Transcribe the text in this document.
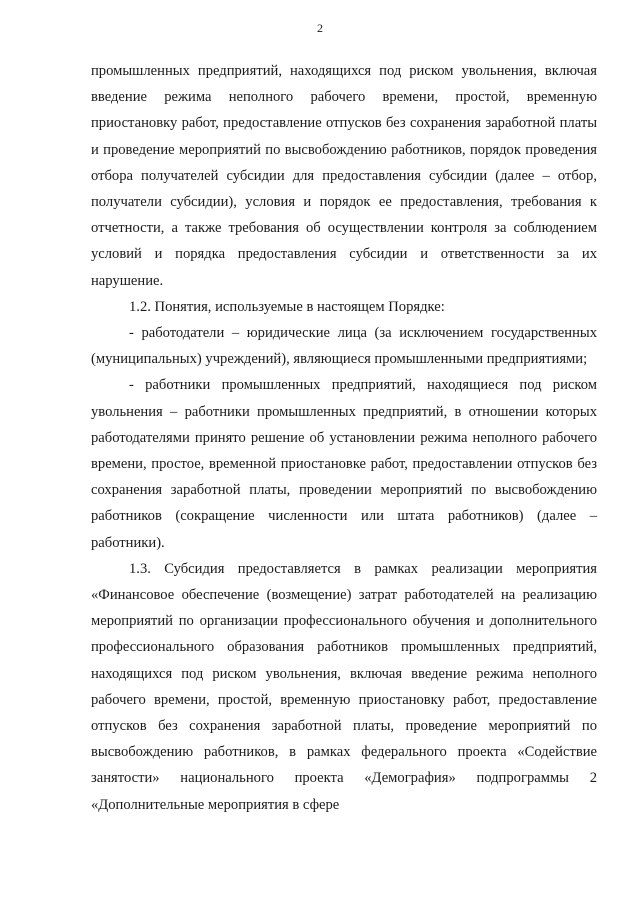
2

промышленных предприятий, находящихся под риском увольнения, включая введение режима неполного рабочего времени, простой, временную приостановку работ, предоставление отпусков без сохранения заработной платы и проведение мероприятий по высвобождению работников, порядок проведения отбора получателей субсидии для предоставления субсидии (далее – отбор, получатели субсидии), условия и порядок ее предоставления, требования к отчетности, а также требования об осуществлении контроля за соблюдением условий и порядка предоставления субсидии и ответственности за их нарушение.

1.2. Понятия, используемые в настоящем Порядке:

- работодатели – юридические лица (за исключением государственных (муниципальных) учреждений), являющиеся промышленными предприятиями;

- работники промышленных предприятий, находящиеся под риском увольнения – работники промышленных предприятий, в отношении которых работодателями принято решение об установлении режима неполного рабочего времени, простое, временной приостановке работ, предоставлении отпусков без сохранения заработной платы, проведении мероприятий по высвобождению работников (сокращение численности или штата работников) (далее – работники).

1.3. Субсидия предоставляется в рамках реализации мероприятия «Финансовое обеспечение (возмещение) затрат работодателей на реализацию мероприятий по организации профессионального обучения и дополнительного профессионального образования работников промышленных предприятий, находящихся под риском увольнения, включая введение режима неполного рабочего времени, простой, временную приостановку работ, предоставление отпусков без сохранения заработной платы, проведение мероприятий по высвобождению работников, в рамках федерального проекта «Содействие занятости» национального проекта «Демография» подпрограммы 2 «Дополнительные мероприятия в сфере
